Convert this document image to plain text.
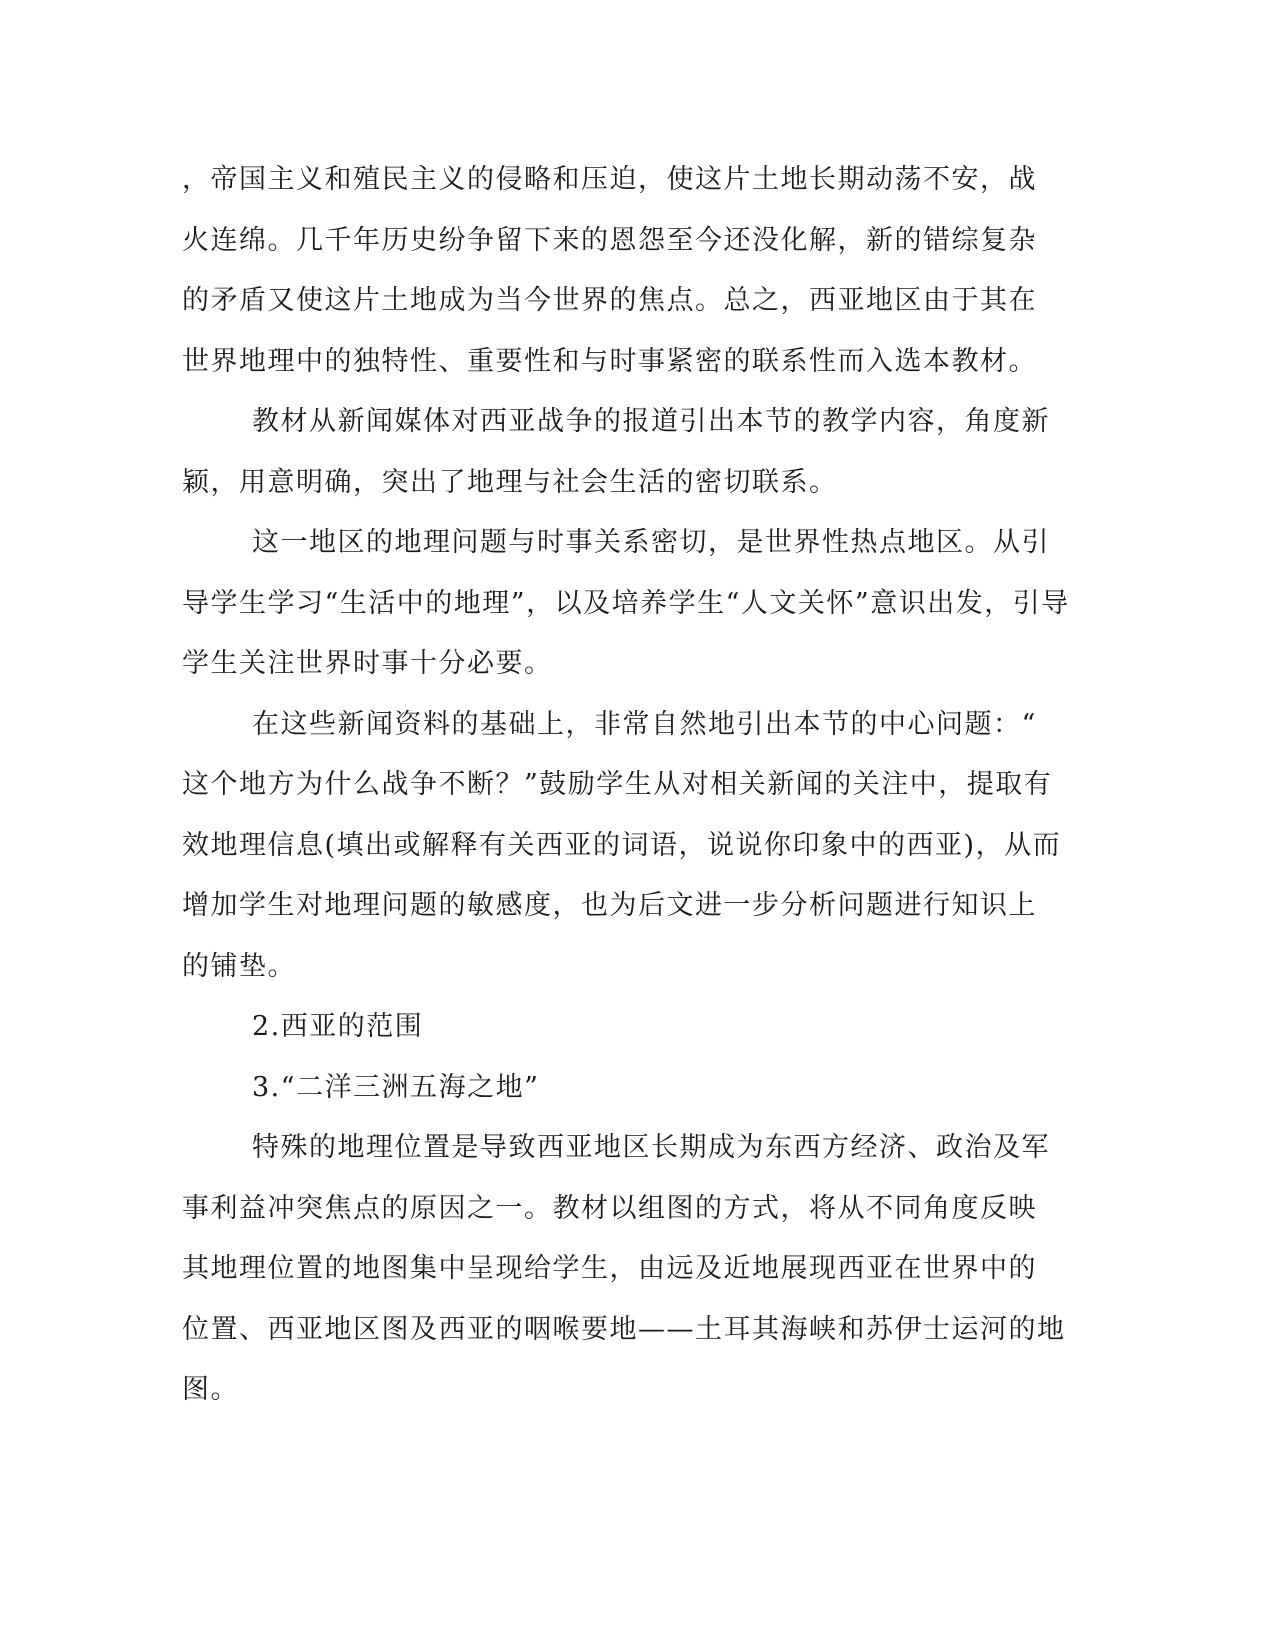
，帝国主义和殖民主义的侵略和压迫，使这片土地长期动荡不安，战
火连绵。几千年历史纷争留下来的恩怨至今还没化解，新的错综复杂
的矛盾又使这片土地成为当今世界的焦点。总之，西亚地区由于其在
世界地理中的独特性、重要性和与时事紧密的联系性而入选本教材。
教材从新闻媒体对西亚战争的报道引出本节的教学内容，角度新
颖，用意明确，突出了地理与社会生活的密切联系。
这一地区的地理问题与时事关系密切，是世界性热点地区。从引
导学生学习“生活中的地理”，以及培养学生“人文关怀”意识出发，引导
学生关注世界时事十分必要。
在这些新闻资料的基础上，非常自然地引出本节的中心问题：“
这个地方为什么战争不断？”鼓励学生从对相关新闻的关注中，提取有
效地理信息(填出或解释有关西亚的词语，说说你印象中的西亚)，从而
增加学生对地理问题的敏感度，也为后文进一步分析问题进行知识上
的铺垫。
2.西亚的范围
3.“二洋三洲五海之地”
特殊的地理位置是导致西亚地区长期成为东西方经济、政治及军
事利益冲突焦点的原因之一。教材以组图的方式，将从不同角度反映
其地理位置的地图集中呈现给学生，由远及近地展现西亚在世界中的
位置、西亚地区图及西亚的咽喉要地——土耳其海峡和苏伊士运河的地
图。
